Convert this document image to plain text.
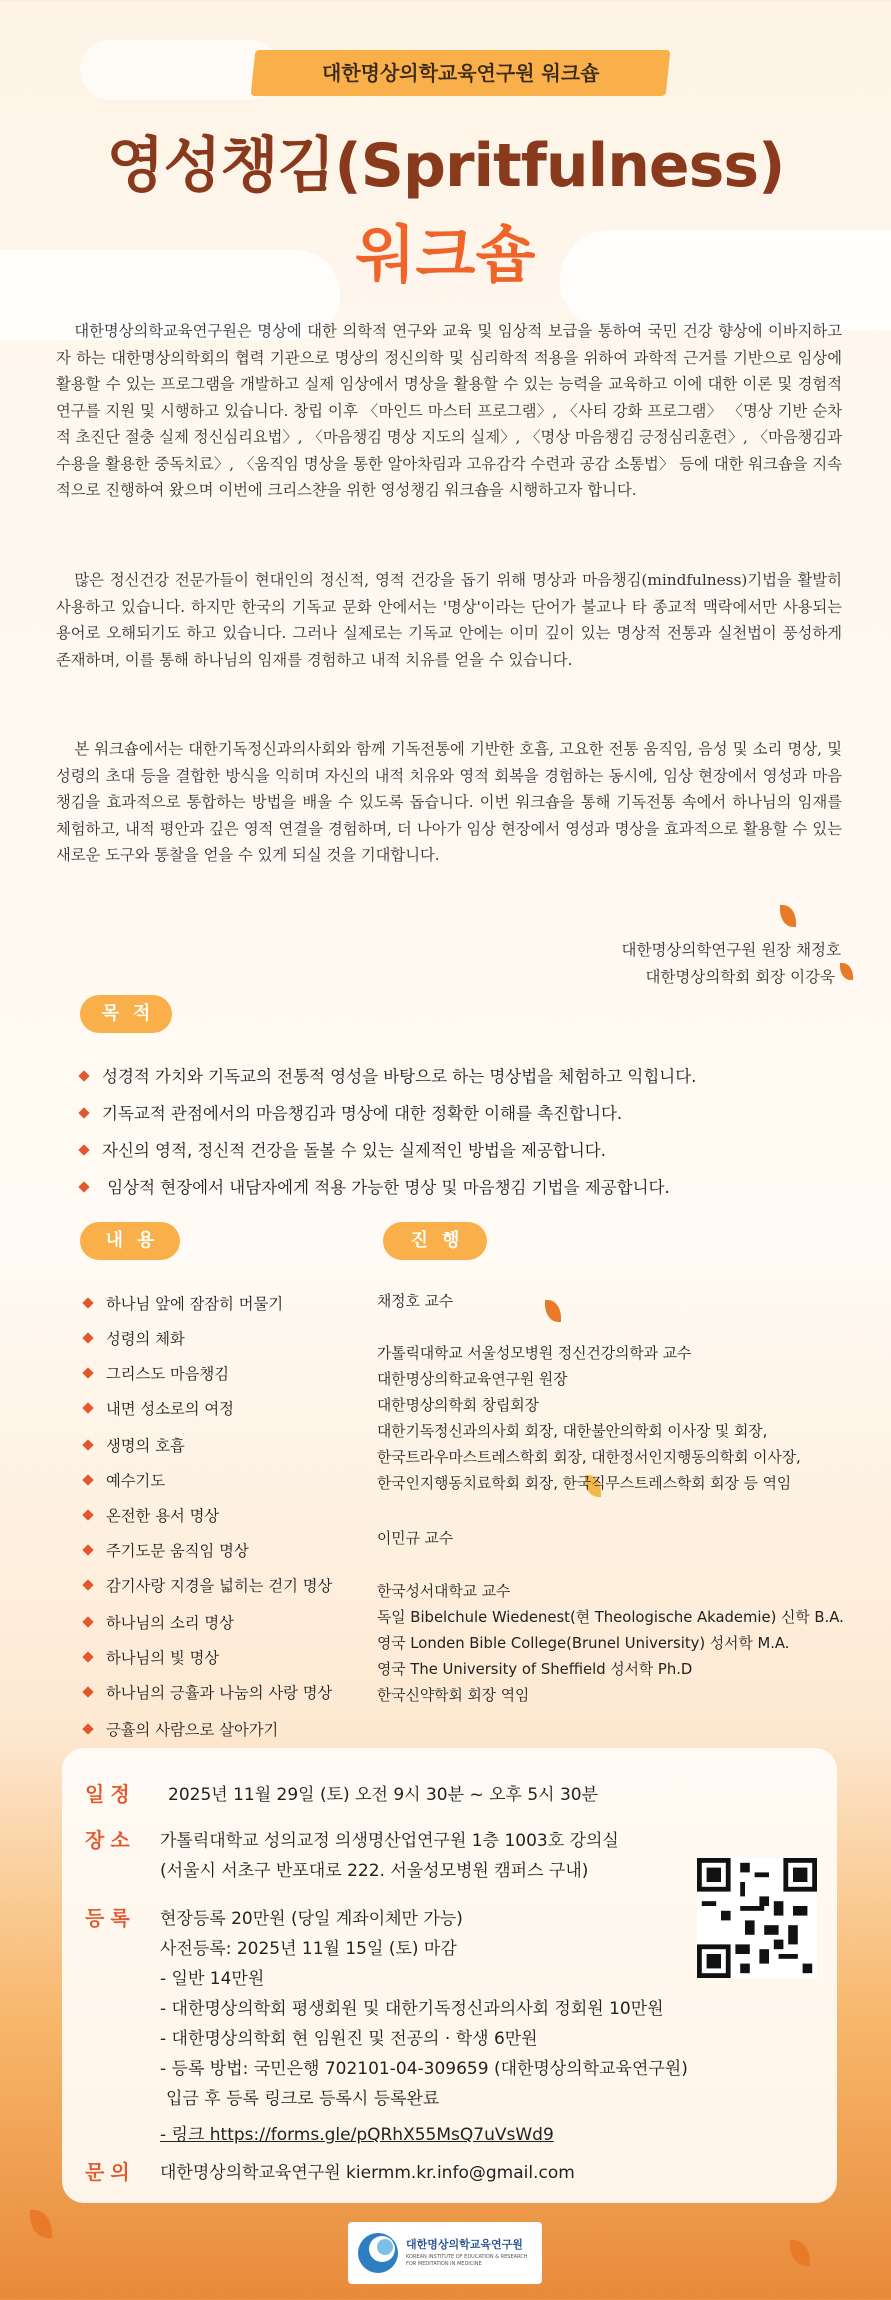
대한명상의학교육연구원 워크숍
영성챙김(Spritfulness)
워크숍

대한명상의학교육연구원은 명상에 대한 의학적 연구와 교육 및 임상적 보급을 통하여 국민 건강 향상에 이바지하고자 하는 대한명상의학회의 협력 기관으로 명상의 정신의학 및 심리학적 적용을 위하여 과학적 근거를 기반으로 임상에 활용할 수 있는 프로그램을 개발하고 실제 임상에서 명상을 활용할 수 있는 능력을 교육하고 이에 대한 이론 및 경험적 연구를 지원 및 시행하고 있습니다. 창립 이후 〈마인드 마스터 프로그램〉, 〈사티 강화 프로그램〉 〈명상 기반 순차적 초진단 절충 실제 정신심리요법〉, 〈마음챙김 명상 지도의 실제〉, 〈명상 마음챙김 긍정심리훈련〉, 〈마음챙김과 수용을 활용한 중독치료〉, 〈움직임 명상을 통한 알아차림과 고유감각 수련과 공감 소통법〉 등에 대한 워크숍을 지속적으로 진행하여 왔으며 이번에 크리스챤을 위한 영성챙김 워크숍을 시행하고자 합니다.

많은 정신건강 전문가들이 현대인의 정신적, 영적 건강을 돕기 위해 명상과 마음챙김(mindfulness)기법을 활발히 사용하고 있습니다. 하지만 한국의 기독교 문화 안에서는 '명상'이라는 단어가 불교나 타 종교적 맥락에서만 사용되는 용어로 오해되기도 하고 있습니다. 그러나 실제로는 기독교 안에는 이미 깊이 있는 명상적 전통과 실천법이 풍성하게 존재하며, 이를 통해 하나님의 임재를 경험하고 내적 치유를 얻을 수 있습니다.

본 워크숍에서는 대한기독정신과의사회와 함께 기독전통에 기반한 호흡, 고요한 전통 움직임, 음성 및 소리 명상, 및 성령의 초대 등을 결합한 방식을 익히며 자신의 내적 치유와 영적 회복을 경험하는 동시에, 임상 현장에서 영성과 마음챙김을 효과적으로 통합하는 방법을 배울 수 있도록 돕습니다. 이번 워크숍을 통해 기독전통 속에서 하나님의 임재를 체험하고, 내적 평안과 깊은 영적 연결을 경험하며, 더 나아가 임상 현장에서 영성과 명상을 효과적으로 활용할 수 있는 새로운 도구와 통찰을 얻을 수 있게 되실 것을 기대합니다.

대한명상의학연구원 원장 채정호
대한명상의학회 회장 이강욱
목적
성경적 가치와 기독교의 전통적 영성을 바탕으로 하는 명상법을 체험하고 익힙니다.
기독교적 관점에서의 마음챙김과 명상에 대한 정확한 이해를 촉진합니다.
자신의 영적, 정신적 건강을 돌볼 수 있는 실제적인 방법을 제공합니다.
임상적 현장에서 내담자에게 적용 가능한 명상 및 마음챙김 기법을 제공합니다.
내용	진행
하나님 앞에 잠잠히 머물기
성령의 체화
그리스도 마음챙김
내면 성소로의 여정
생명의 호흡
예수기도
온전한 용서 명상
주기도문 움직임 명상
감기사랑 지경을 넓히는 걷기 명상
하나님의 소리 명상
하나님의 빛 명상
하나님의 긍휼과 나눔의 사랑 명상
긍휼의 사람으로 살아가기
채정호 교수
가톨릭대학교 서울성모병원 정신건강의학과 교수
대한명상의학교육연구원 원장
대한명상의학회 창립회장
대한기독정신과의사회 회장, 대한불안의학회 이사장 및 회장,
한국트라우마스트레스학회 회장, 대한정서인지행동의학회 이사장,
한국인지행동치료학회 회장, 한국직무스트레스학회 회장 등 역임
이민규 교수
한국성서대학교 교수
독일 Bibelchule Wiedenest(현 Theologische Akademie) 신학 B.A.
영국 Londen Bible College(Brunel University) 성서학 M.A.
영국 The University of Sheffield 성서학 Ph.D
한국신약학회 회장 역임
일정 2025년 11월 29일 (토) 오전 9시 30분 ~ 오후 5시 30분
장소 가톨릭대학교 성의교정 의생명산업연구원 1층 1003호 강의실
(서울시 서초구 반포대로 222. 서울성모병원 캠퍼스 구내)
등록 현장등록 20만원 (당일 계좌이체만 가능)
사전등록: 2025년 11월 15일 (토) 마감
- 일반 14만원
- 대한명상의학회 평생회원 및 대한기독정신과의사회 정회원 10만원
- 대한명상의학회 현 임원진 및 전공의 · 학생 6만원
- 등록 방법: 국민은행 702101-04-309659 (대한명상의학교육연구원)
입금 후 등록 링크로 등록시 등록완료
- 링크 https://forms.gle/pQRhX55MsQ7uVsWd9
문의 대한명상의학교육연구원 kiermm.kr.info@gmail.com
대한명상의학교육연구원
KOREAN INSTITUTE OF EDUCATION & RESEARCH FOR MEDITATION IN MEDICINE
